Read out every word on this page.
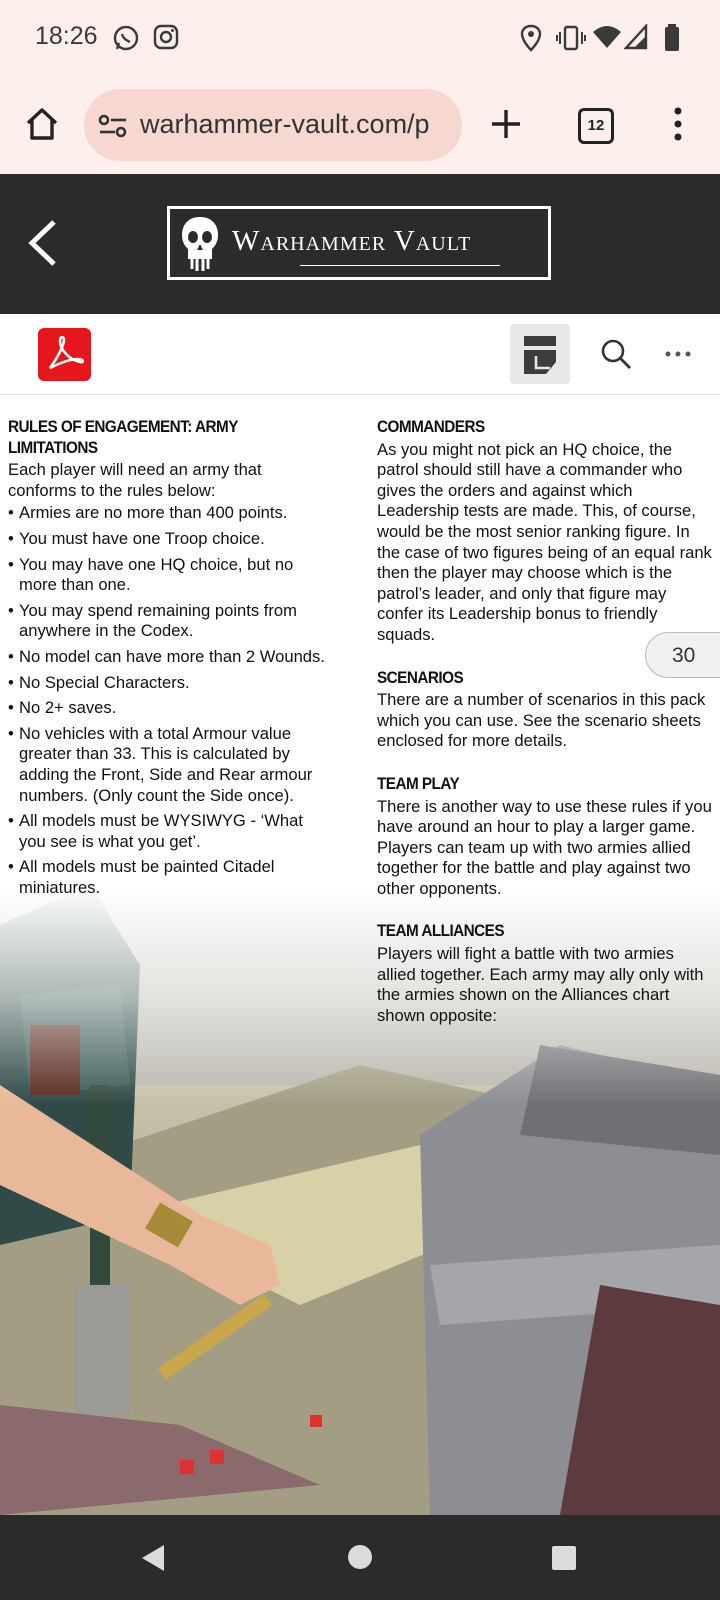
18:26
warhammer-vault.com/p	12
Warhammer Vault
RULES OF ENGAGEMENT: ARMY LIMITATIONS
Each player will need an army that conforms to the rules below:
• Armies are no more than 400 points.
• You must have one Troop choice.
• You may have one HQ choice, but no more than one.
• You may spend remaining points from anywhere in the Codex.
• No model can have more than 2 Wounds.
• No Special Characters.
• No 2+ saves.
• No vehicles with a total Armour value greater than 33. This is calculated by adding the Front, Side and Rear armour numbers. (Only count the Side once).
• All models must be WYSIWYG - ‘What you see is what you get’.
• All models must be painted Citadel miniatures.
COMMANDERS
As you might not pick an HQ choice, the patrol should still have a commander who gives the orders and against which Leadership tests are made. This, of course, would be the most senior ranking figure. In the case of two figures being of an equal rank then the player may choose which is the patrol’s leader, and only that figure may confer its Leadership bonus to friendly squads.
SCENARIOS
There are a number of scenarios in this pack which you can use. See the scenario sheets enclosed for more details.
TEAM PLAY
There is another way to use these rules if you have around an hour to play a larger game. Players can team up with two armies allied together for the battle and play against two other opponents.
TEAM ALLIANCES
Players will fight a battle with two armies allied together. Each army may ally only with the armies shown on the Alliances chart shown opposite:
30
